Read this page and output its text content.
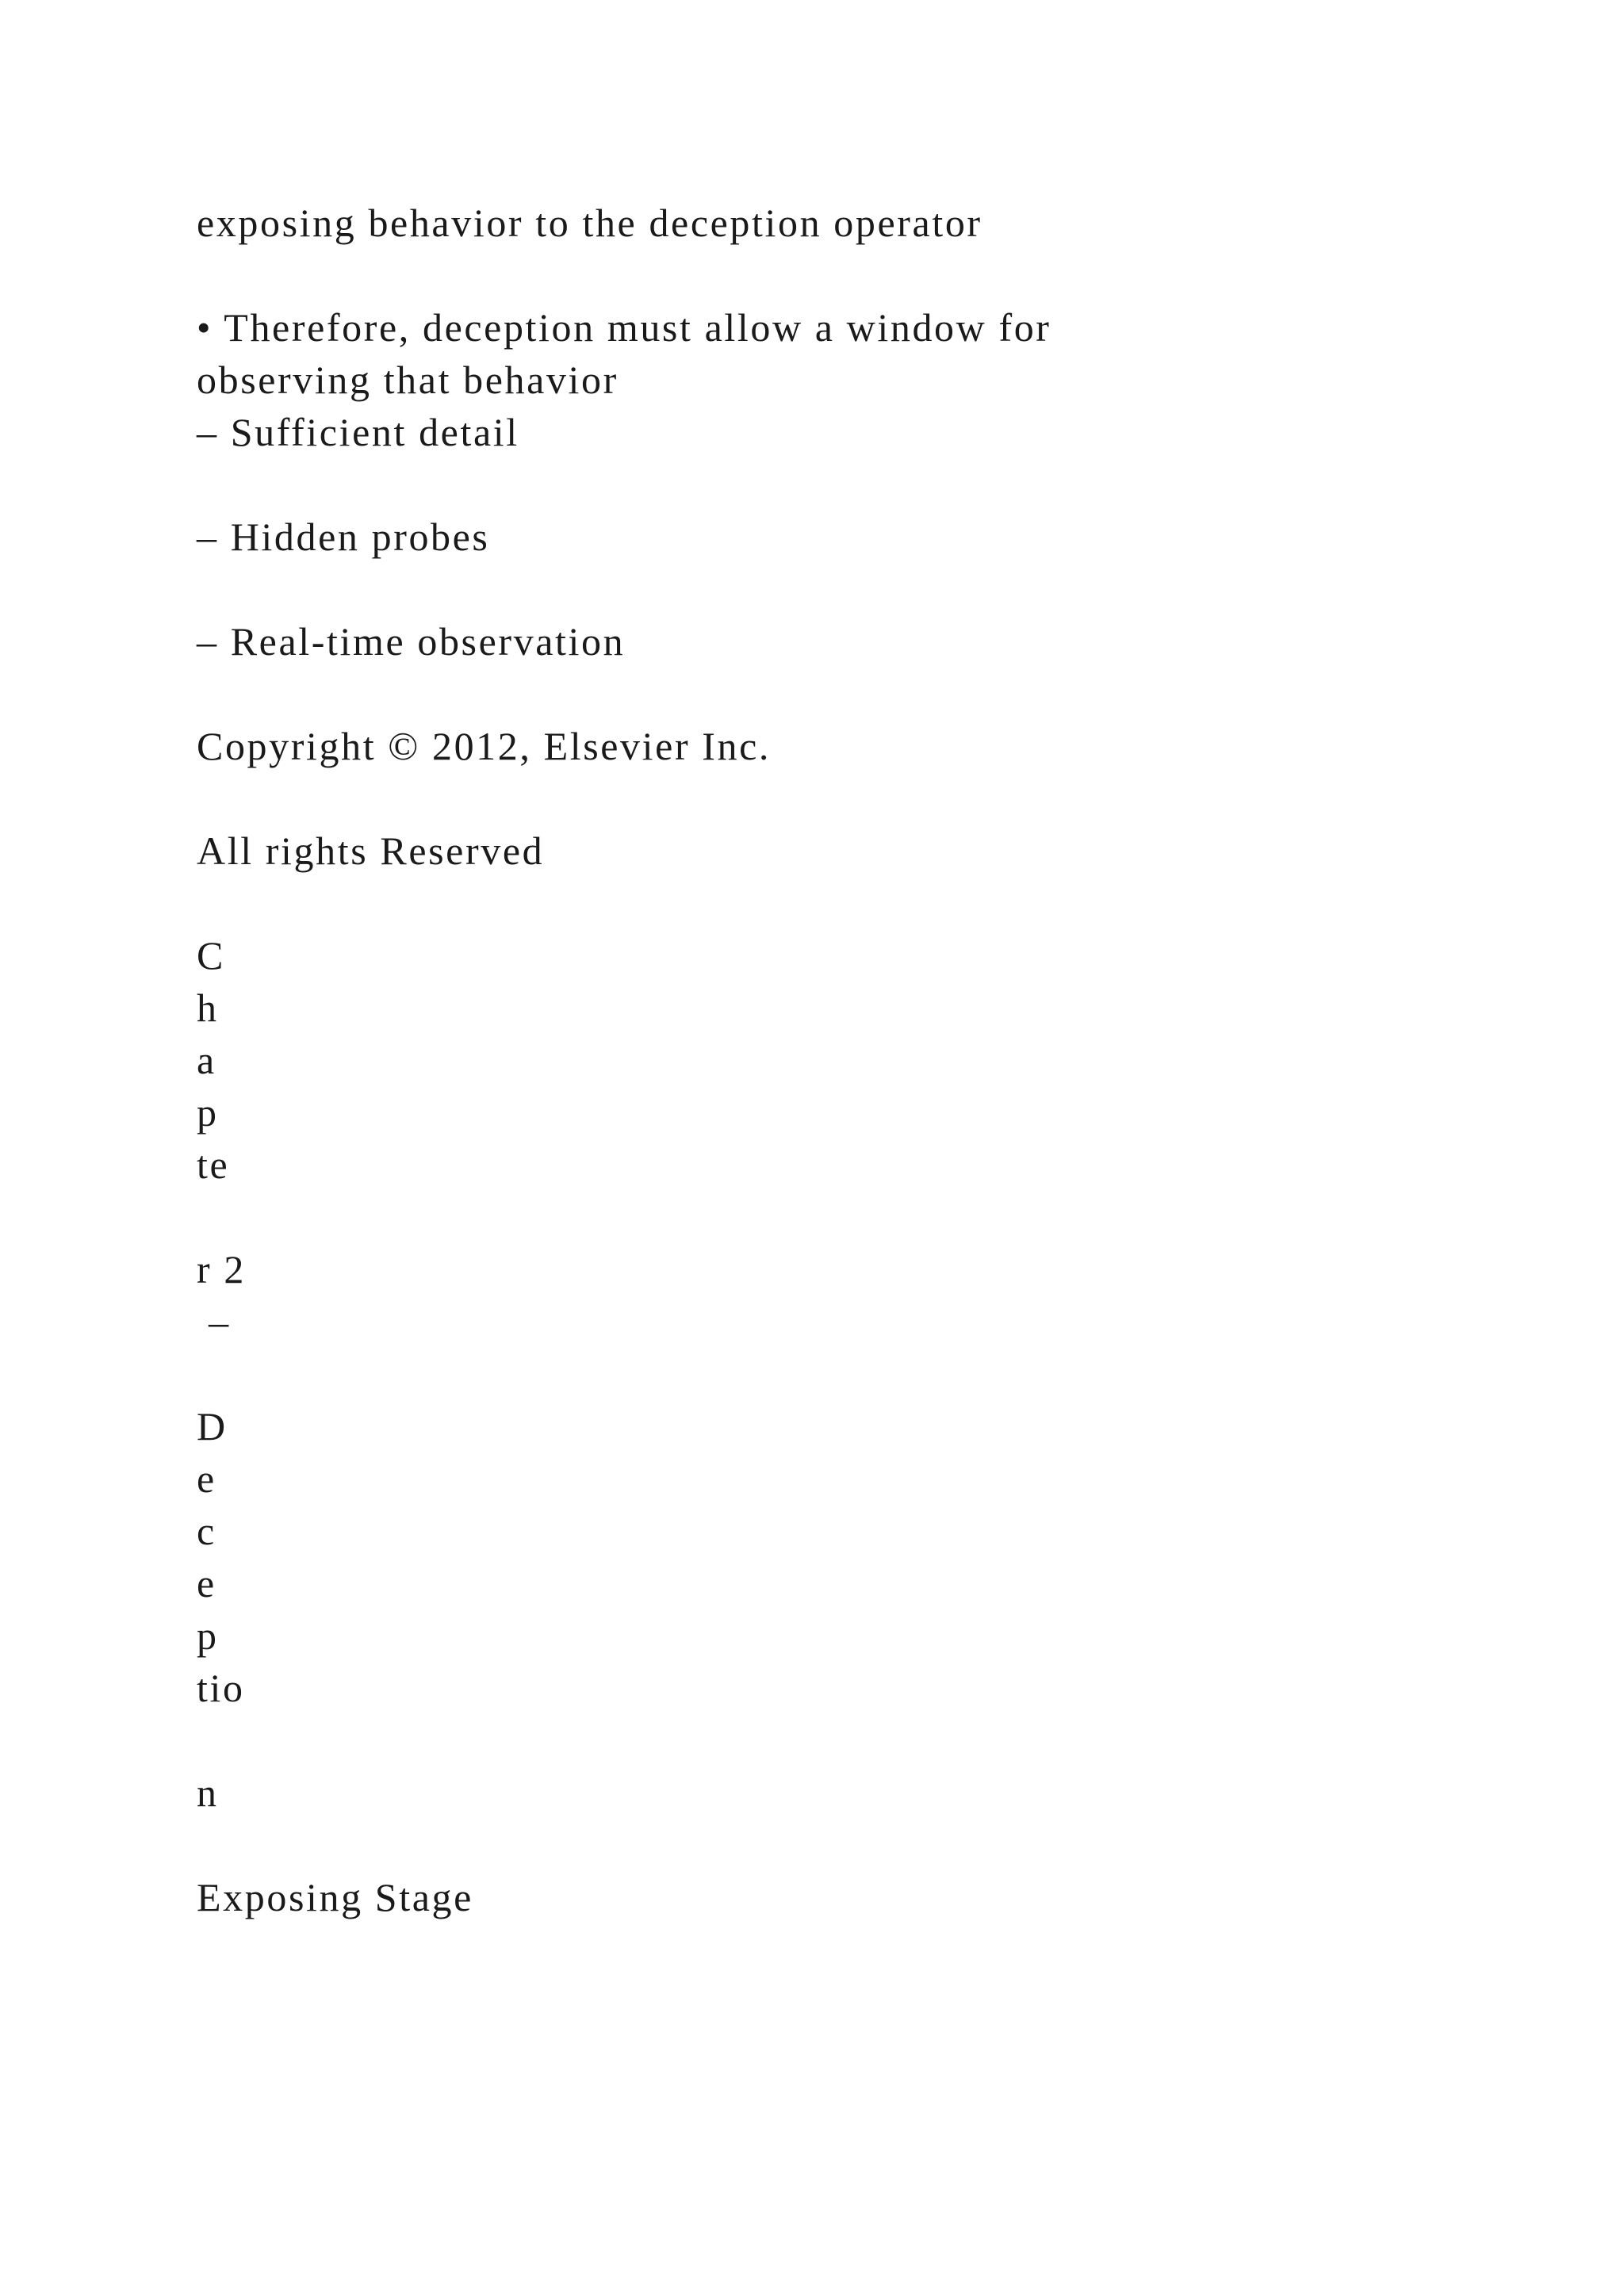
exposing behavior to the deception operator

• Therefore, deception must allow a window for

observing that behavior

– Sufficient detail

– Hidden probes

– Real-time observation

Copyright © 2012, Elsevier Inc.

All rights Reserved

C

h

a

p

te

r 2

–

D

e

c

e

p

tio

n

Exposing Stage
